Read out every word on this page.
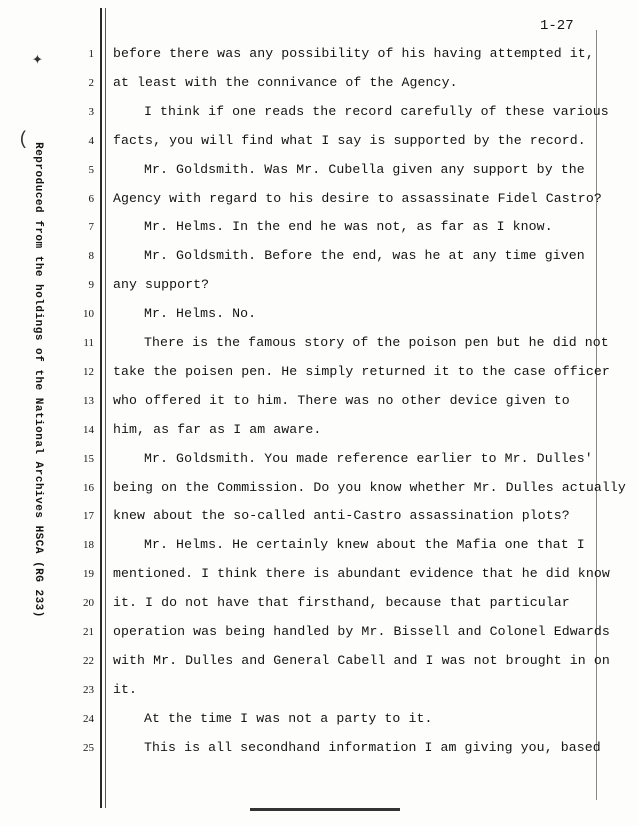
1-27
Reproduced from the holdings of the National Archives HSCA (RG 233)
✦
(
1 before there was any possibility of his having attempted it,
2 at least with the connivance of the Agency.
3	I think if one reads the record carefully of these various
4 facts, you will find what I say is supported by the record.
5	Mr. Goldsmith. Was Mr. Cubella given any support by the
6 Agency with regard to his desire to assassinate Fidel Castro?
7	Mr. Helms. In the end he was not, as far as I know.
8	Mr. Goldsmith. Before the end, was he at any time given
9 any support?
10	Mr. Helms. No.
11	There is the famous story of the poison pen but he did not
12 take the poisen pen. He simply returned it to the case officer
13 who offered it to him. There was no other device given to
14 him, as far as I am aware.
15	Mr. Goldsmith. You made reference earlier to Mr. Dulles'
16 being on the Commission. Do you know whether Mr. Dulles actually
17 knew about the so-called anti-Castro assassination plots?
18	Mr. Helms. He certainly knew about the Mafia one that I
19 mentioned. I think there is abundant evidence that he did know
20 it. I do not have that firsthand, because that particular
21 operation was being handled by Mr. Bissell and Colonel Edwards
22 with Mr. Dulles and General Cabell and I was not brought in on
23 it.
24	At the time I was not a party to it.
25	This is all secondhand information I am giving you, based
